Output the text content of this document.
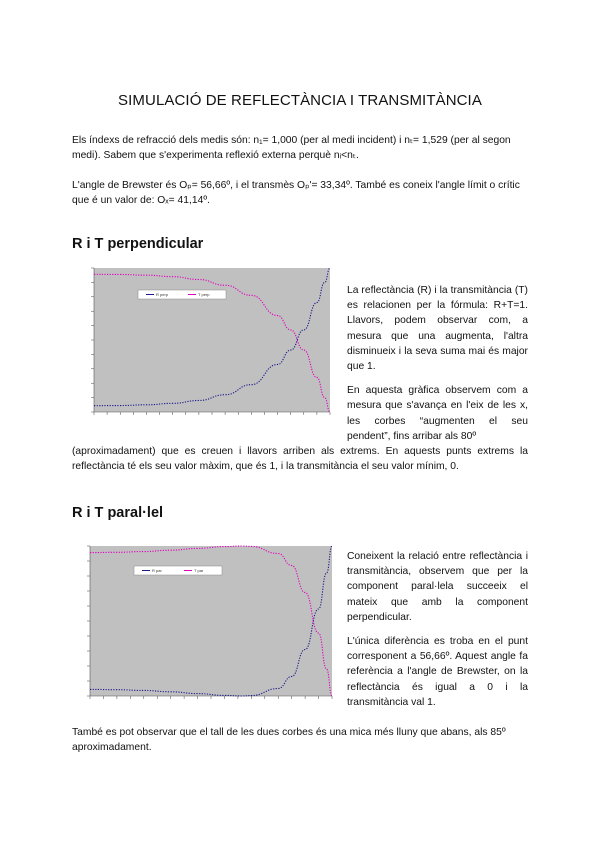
SIMULACIÓ DE REFLECTÀNCIA I TRANSMITÀNCIA
Els índexs de refracció dels medis són: n₁= 1,000 (per al medi incident) i nₜ= 1,529 (per al segon medi). Sabem que s'experimenta reflexió externa perquè nᵢ<nₜ.
L'angle de Brewster és Oₚ= 56,66º, i el transmès Oₚ'= 33,34º. També es coneix l'angle límit o crític que é un valor de: Oₓ= 41,14º.
R i T perpendicular
R perp	T perp	La reflectància (R) i la transmitància (T) es relacionen per la fórmula: R+T=1. Llavors, podem observar com, a mesura que una augmenta, l'altra disminueix i la seva suma mai és major que 1.

En aquesta gràfica observem com a mesura que s'avança en l'eix de les x, les corbes “augmenten el seu pendent”, fins arribar als 80º

(aproximadament) que es creuen i llavors arriben als extrems. En aquests punts extrems la reflectància té els seu valor màxim, que és 1, i la transmitància el seu valor mínim, 0.
R i T paral·lel
R par	T par

Coneixent la relació entre reflectància i transmitància, observem que per la component paral·lela succeeix el mateix que amb la component perpendicular.

L'única diferència es troba en el punt corresponent a 56,66º. Aquest angle fa referència a l'angle de Brewster, on la reflectància és igual a 0 i la transmitància val 1.

També es pot observar que el tall de les dues corbes és una mica més lluny que abans, als 85º aproximadament.
